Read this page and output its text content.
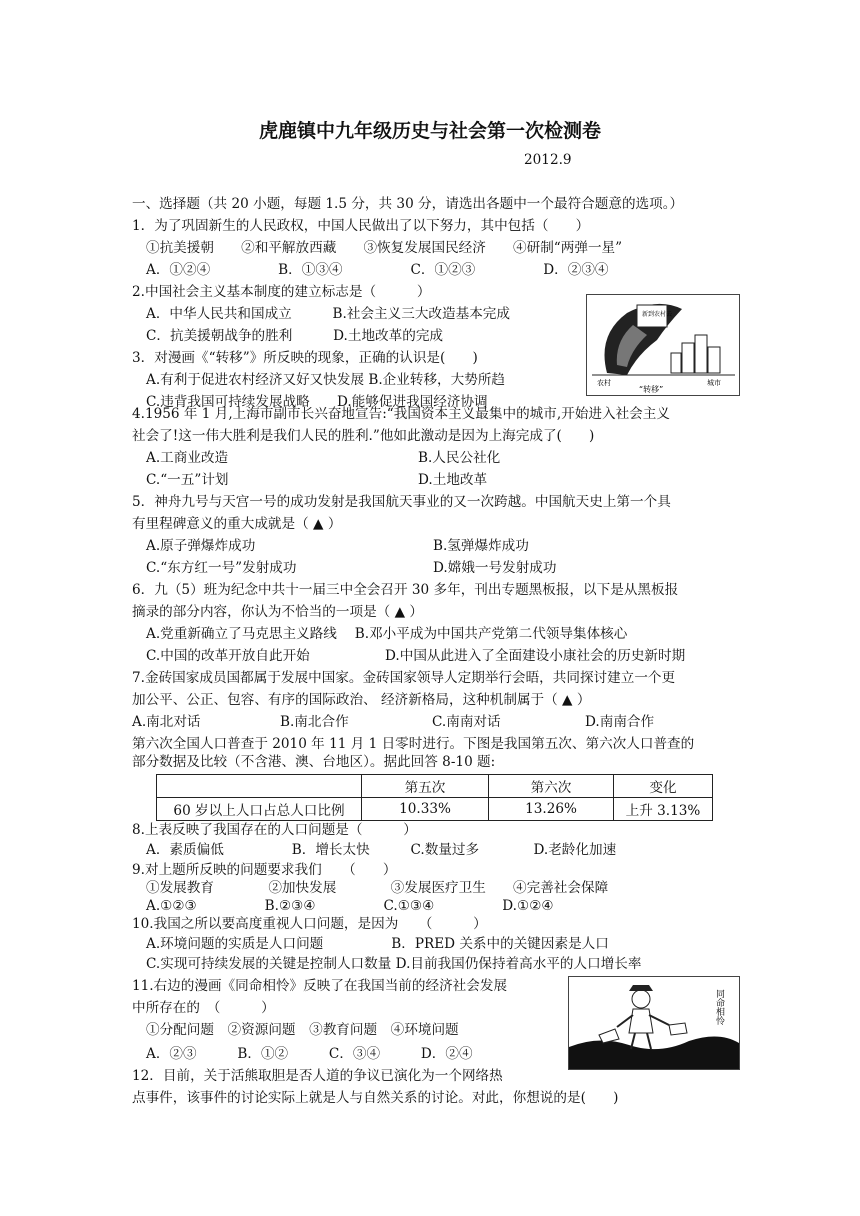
虎鹿镇中九年级历史与社会第一次检测卷
2012.9
一、选择题（共 20 小题，每题 1.5 分，共 30 分，请选出各题中一个最符合题意的选项。）
1．为了巩固新生的人民政权，中国人民做出了以下努力，其中包括（　　）
①抗美援朝　　②和平解放西藏　　③恢复发展国民经济　　④研制“两弹一星”
A．①②④　　　　　B．①③④　　　　　C．①②③　　　　　D．②③④
2.中国社会主义基本制度的建立标志是（　　　）
A．中华人民共和国成立　　　B.社会主义三大改造基本完成
C．抗美援朝战争的胜利　　　D.土地改革的完成
3．对漫画《“转移”》所反映的现象，正确的认识是(　　)
A.有利于促进农村经济又好又快发展 B.企业转移，大势所趋
C.违背我国可持续发展战略　　D.能够促进我国经济协调
新到农村去
农村	城市
“转移”
4.1956 年 1 月,上海市副市长兴奋地宣告:“我国资本主义最集中的城市,开始进入社会主义
社会了!这一伟大胜利是我们人民的胜利.”他如此激动是因为上海完成了(　　)
A.工商业改造	B.人民公社化
C.“一五”计划	D.土地改革
5．神舟九号与天宫一号的成功发射是我国航天事业的又一次跨越。中国航天史上第一个具
有里程碑意义的重大成就是（ ▲ ）
A.原子弹爆炸成功	B.氢弹爆炸成功
C.“东方红一号”发射成功	D.嫦娥一号发射成功
6．九（5）班为纪念中共十一届三中全会召开 30 多年，刊出专题黑板报，以下是从黑板报
摘录的部分内容，你认为不恰当的一项是（ ▲ ）
A.党重新确立了马克思主义路线　 B.邓小平成为中国共产党第二代领导集体核心
C.中国的改革开放自此开始	D.中国从此进入了全面建设小康社会的历史新时期
7.金砖国家成员国都属于发展中国家。金砖国家领导人定期举行会晤，共同探讨建立一个更
加公平、公正、包容、有序的国际政治、 经济新格局，这种机制属于（ ▲ ）
A.南北对话	B.南北合作	C.南南对话	D.南南合作
第六次全国人口普查于 2010 年 11 月 1 日零时进行。下图是我国第五次、第六次人口普查的
部分数据及比较（不含港、澳、台地区）。据此回答 8-10 题:
	第五次	第六次	变化
60 岁以上人口占总人口比例	10.33%	13.26%	上升 3.13%
8.上表反映了我国存在的人口问题是（　　　）
A．素质偏低　　　　　B．增长太快　　　C.数量过多　　　　D.老龄化加速
9.对上题所反映的问题要求我们　　（　　）
①发展教育　　　　②加快发展　　　　③发展医疗卫生　　④完善社会保障
A.①②③　　　　　B.②③④　　　　　C.①③④　　　　　D.①②④
10.我国之所以要高度重视人口问题，是因为　　（　　　）
A.环境问题的实质是人口问题　　　　　B．PRED 关系中的关键因素是人口
C.实现可持续发展的关键是控制人口数量 D.目前我国仍保持着高水平的人口增长率
11.右边的漫画《同命相怜》反映了在我国当前的经济社会发展
中所存在的　（　　　）
①分配问题　②资源问题　③教育问题　④环境问题
A．②③　　　B．①②　　　C．③④　　　D．②④
同命相怜
12．目前，关于活熊取胆是否人道的争议已演化为一个网络热
点事件，该事件的讨论实际上就是人与自然关系的讨论。对此，你想说的是(　　)
